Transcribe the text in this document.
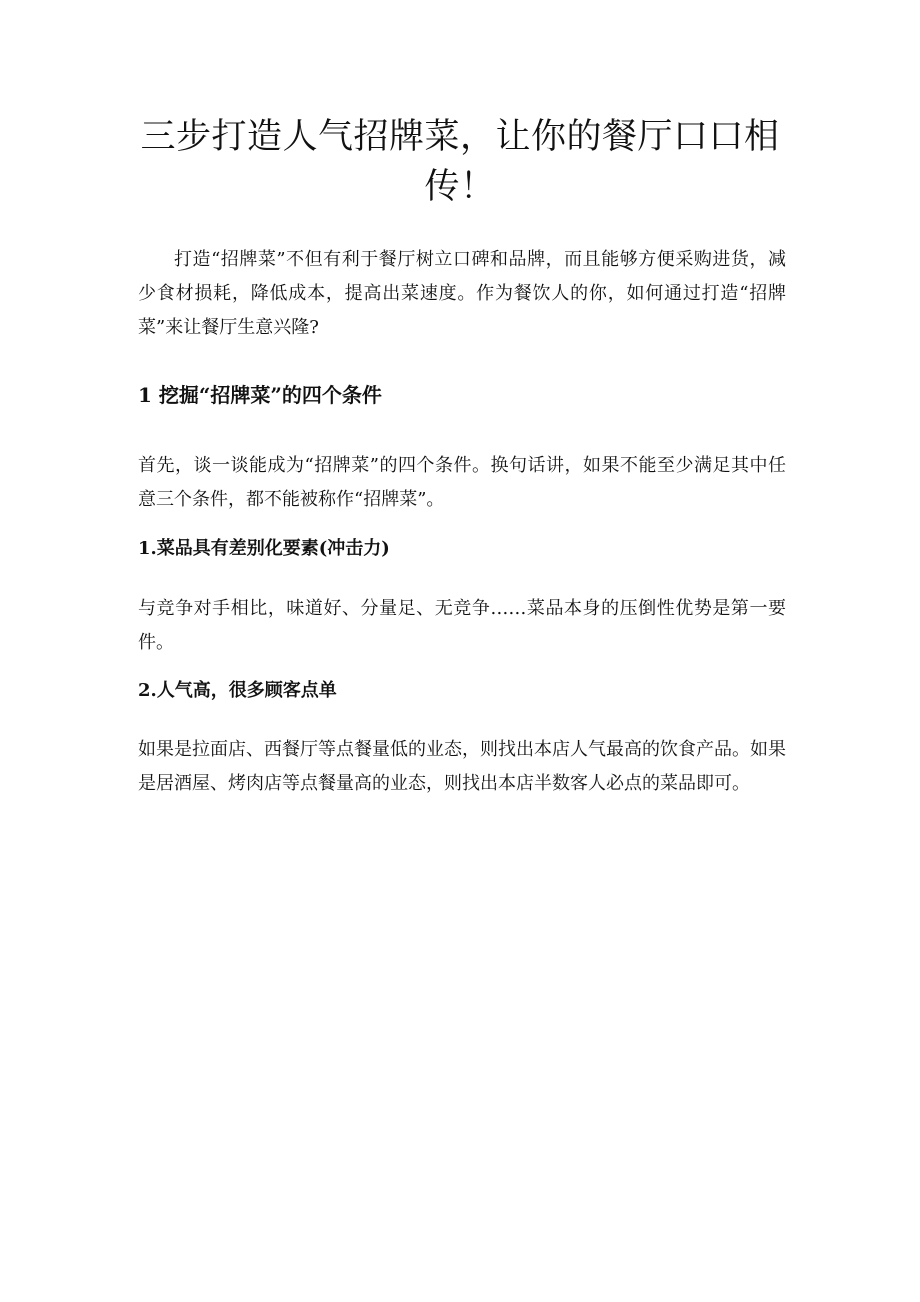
三步打造人气招牌菜，让你的餐厅口口相传！

打造“招牌菜”不但有利于餐厅树立口碑和品牌，而且能够方便采购进货，减少食材损耗，降低成本，提高出菜速度。作为餐饮人的你，如何通过打造“招牌菜”来让餐厅生意兴隆?

1 挖掘“招牌菜”的四个条件

首先，谈一谈能成为“招牌菜”的四个条件。换句话讲，如果不能至少满足其中任意三个条件，都不能被称作“招牌菜”。

1.菜品具有差别化要素(冲击力)

与竞争对手相比，味道好、分量足、无竞争……菜品本身的压倒性优势是第一要件。

2.人气高，很多顾客点单

如果是拉面店、西餐厅等点餐量低的业态，则找出本店人气最高的饮食产品。如果是居酒屋、烤肉店等点餐量高的业态，则找出本店半数客人必点的菜品即可。
